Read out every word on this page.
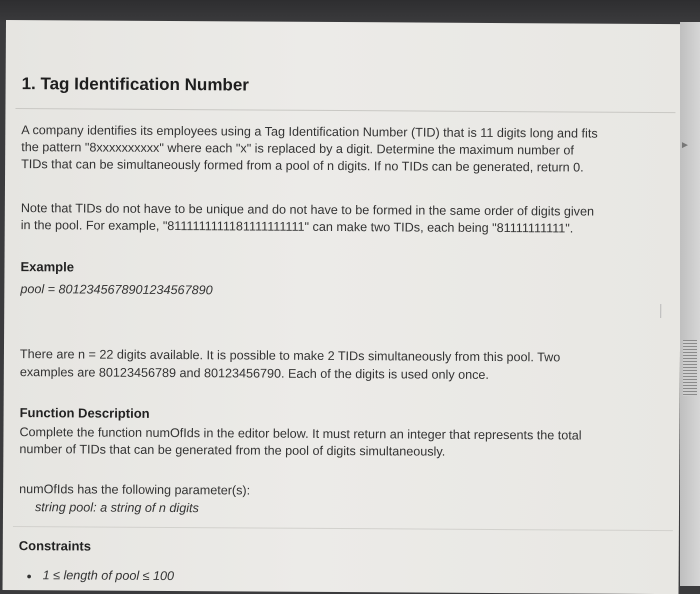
1. Tag Identification Number

A company identifies its employees using a Tag Identification Number (TID) that is 11 digits long and fits

the pattern "8xxxxxxxxxx" where each "x" is replaced by a digit. Determine the maximum number of

TIDs that can be simultaneously formed from a pool of n digits. If no TIDs can be generated, return 0.

Note that TIDs do not have to be unique and do not have to be formed in the same order of digits given

in the pool. For example, "8111111111181111111111" can make two TIDs, each being "81111111111".

Example

pool = 8012345678901234567890

There are n = 22 digits available. It is possible to make 2 TIDs simultaneously from this pool. Two

examples are 80123456789 and 80123456790. Each of the digits is used only once.

Function Description

Complete the function numOfIds in the editor below. It must return an integer that represents the total

number of TIDs that can be generated from the pool of digits simultaneously.

numOfIds has the following parameter(s):

string pool: a string of n digits

Constraints

• 1 ≤ length of pool ≤ 100
►
